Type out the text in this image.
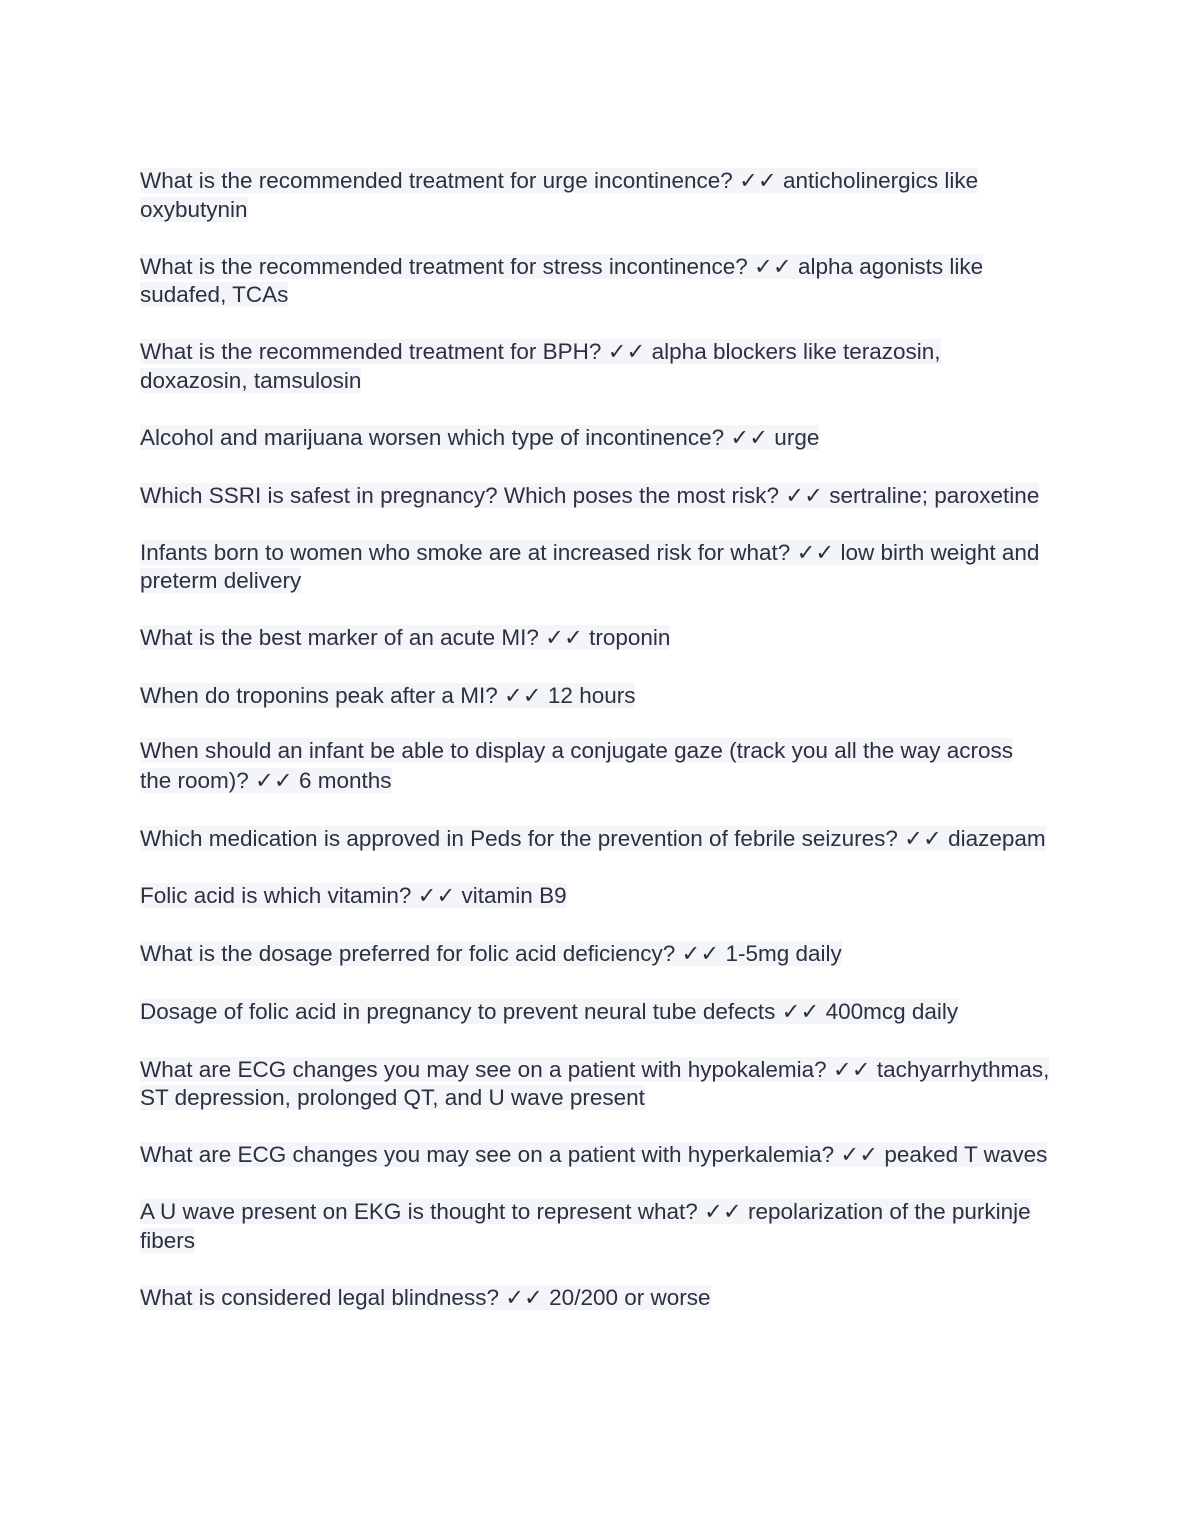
What is the recommended treatment for urge incontinence? ✓✓ anticholinergics like oxybutynin
What is the recommended treatment for stress incontinence? ✓✓ alpha agonists like sudafed, TCAs
What is the recommended treatment for BPH? ✓✓ alpha blockers like terazosin, doxazosin, tamsulosin
Alcohol and marijuana worsen which type of incontinence? ✓✓ urge
Which SSRI is safest in pregnancy? Which poses the most risk? ✓✓ sertraline; paroxetine
Infants born to women who smoke are at increased risk for what? ✓✓ low birth weight and preterm delivery
What is the best marker of an acute MI? ✓✓ troponin
When do troponins peak after a MI? ✓✓ 12 hours
When should an infant be able to display a conjugate gaze (track you all the way across the room)? ✓✓ 6 months
Which medication is approved in Peds for the prevention of febrile seizures? ✓✓ diazepam
Folic acid is which vitamin? ✓✓ vitamin B9
What is the dosage preferred for folic acid deficiency? ✓✓ 1-5mg daily
Dosage of folic acid in pregnancy to prevent neural tube defects ✓✓ 400mcg daily
What are ECG changes you may see on a patient with hypokalemia? ✓✓ tachyarrhythmas, ST depression, prolonged QT, and U wave present
What are ECG changes you may see on a patient with hyperkalemia? ✓✓ peaked T waves
A U wave present on EKG is thought to represent what? ✓✓ repolarization of the purkinje fibers
What is considered legal blindness? ✓✓ 20/200 or worse
